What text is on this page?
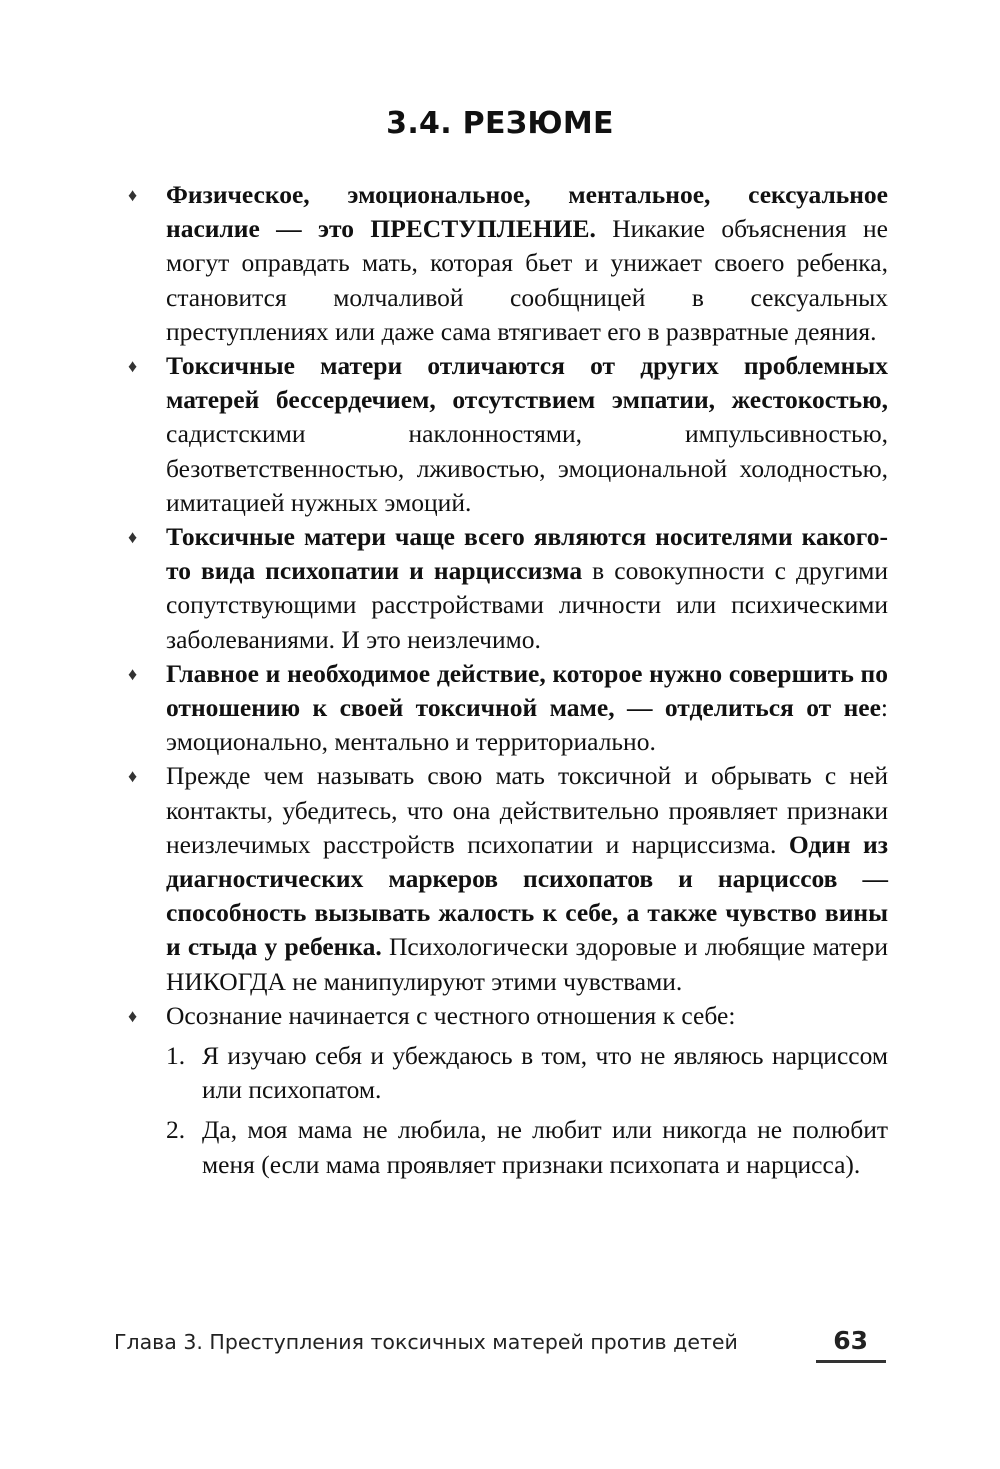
3.4. РЕЗЮМЕ
♦ Физическое, эмоциональное, ментальное, сексуальное насилие — это ПРЕСТУПЛЕНИЕ. Никакие объяснения не могут оправдать мать, которая бьет и унижает своего ребенка, становится молчаливой сообщницей в сексуальных преступлениях или даже сама втягивает его в развратные деяния.
♦ Токсичные матери отличаются от других проблемных матерей бессердечием, отсутствием эмпатии, жестокостью, садистскими наклонностями, импульсивностью, безответственностью, лживостью, эмоциональной холодностью, имитацией нужных эмоций.
♦ Токсичные матери чаще всего являются носителями какого-то вида психопатии и нарциссизма в совокупности с другими сопутствующими расстройствами личности или психическими заболеваниями. И это неизлечимо.
♦ Главное и необходимое действие, которое нужно совершить по отношению к своей токсичной маме, — отделиться от нее: эмоционально, ментально и территориально.
♦ Прежде чем называть свою мать токсичной и обрывать с ней контакты, убедитесь, что она действительно проявляет признаки неизлечимых расстройств психопатии и нарциссизма. Один из диагностических маркеров психопатов и нарциссов — способность вызывать жалость к себе, а также чувство вины и стыда у ребенка. Психологически здоровые и любящие матери НИКОГДА не манипулируют этими чувствами.
♦ Осознание начинается с честного отношения к себе:
1. Я изучаю себя и убеждаюсь в том, что не являюсь нарциссом или психопатом.
2. Да, моя мама не любила, не любит или никогда не полюбит меня (если мама проявляет признаки психопата и нарцисса).
Глава 3. Преступления токсичных матерей против детей	63
